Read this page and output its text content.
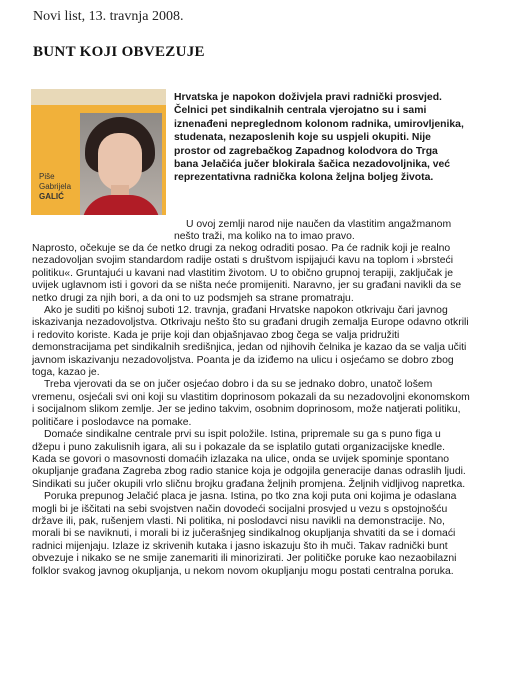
Novi list, 13. travnja 2008.
BUNT KOJI OBVEZUJE
Piše
Gabrijela
GALIĆ

Hrvatska je napokon doživjela pravi radnički prosvjed. Čelnici pet sindikalnih centrala vjerojatno su i sami iznenađeni nepreglednom kolonom radnika, umirovljenika, studenata, nezaposlenih koje su uspjeli okupiti. Nije prostor od zagrebačkog Zapadnog kolodvora do Trga bana Jelačića jučer blokirala šačica nezadovoljnika, već reprezentativna radnička kolona željna boljeg života.

U ovoj zemlji narod nije naučen da vlastitim angažmanom nešto traži, ma koliko na to imao pravo.
Naprosto, očekuje se da će netko drugi za nekog odraditi posao. Pa će radnik koji je realno nezadovoljan svojim standardom radije ostati s društvom ispijajući kavu na toplom i »brsteći politiku«. Gruntajući u kavani nad vlastitim životom. U to običnо grupnoj terapiji, zaključak je uvijek uglavnom isti i govori da se ništa neće promijeniti. Naravno, jer su građani navikli da se netko drugi za njih bori, a da oni to uz podsmjeh sa strane promatraju.
Ako je suditi po kišnoj suboti 12. travnja, građani Hrvatske napokon otkrivaju čari javnog iskazivanja nezadovoljstva. Otkrivaju nešto što su građani drugih zemalja Europe odavno otkrili i redovito koriste. Kada je prije koji dan objašnjavao zbog čega se valja pridružiti demonstracijama pet sindikalnih središnjica, jedan od njihovih čelnika je kazao da se valja učiti javnom iskazivanju nezadovoljstva. Poanta je da iziđemo na ulicu i osjećamo se dobro zbog toga, kazao je.
Treba vjerovati da se on jučer osjećao dobro i da su se jednako dobro, unatoč lošem vremenu, osjećali svi oni koji su vlastitim doprinosom pokazali da su nezadovoljni ekonomskom i socijalnom slikom zemlje. Jer se jedino takvim, osobnim doprinosom, može natjerati politiku, političare i poslodavce na pomake.
Domaće sindikalne centrale prvi su ispit položile. Istina, pripremale su ga s puno figa u džepu i puno zakulisnih igara, ali su i pokazale da se isplatilo gutati organizacijske knedle. Kada se govori o masovnosti domaćih izlazaka na ulice, onda se uvijek spominje spontano okupljanje građana Zagreba zbog radio stanice koja je odgojila generacije danas odraslih ljudi. Sindikati su jučer okupili vrlo sličnu brojku građana željnih promjena. Željnih vidljivog napretka.
Poruka prepunog Jelačić placa je jasna. Istina, po tko zna koji puta oni kojima je odaslana mogli bi je iščitati na sebi svojstven način dovodeći socijalni prosvjed u vezu s opstojnošću države ili, pak, rušenjem vlasti. Ni politika, ni poslodavci nisu navikli na demonstracije. No, morali bi se naviknuti, i morali bi iz jučerašnjeg sindikalnog okupljanja shvatiti da se i domaći radnici mijenjaju. Izlaze iz skrivenih kutaka i jasno iskazuju što ih muči. Takav radnički bunt obvezuje i nikako se ne smije zanemariti ili minorizirati. Jer političke poruke kao nezaobilazni folklor svakog javnog okupljanja, u nekom novom okupljanju mogu postati centralna poruka.
